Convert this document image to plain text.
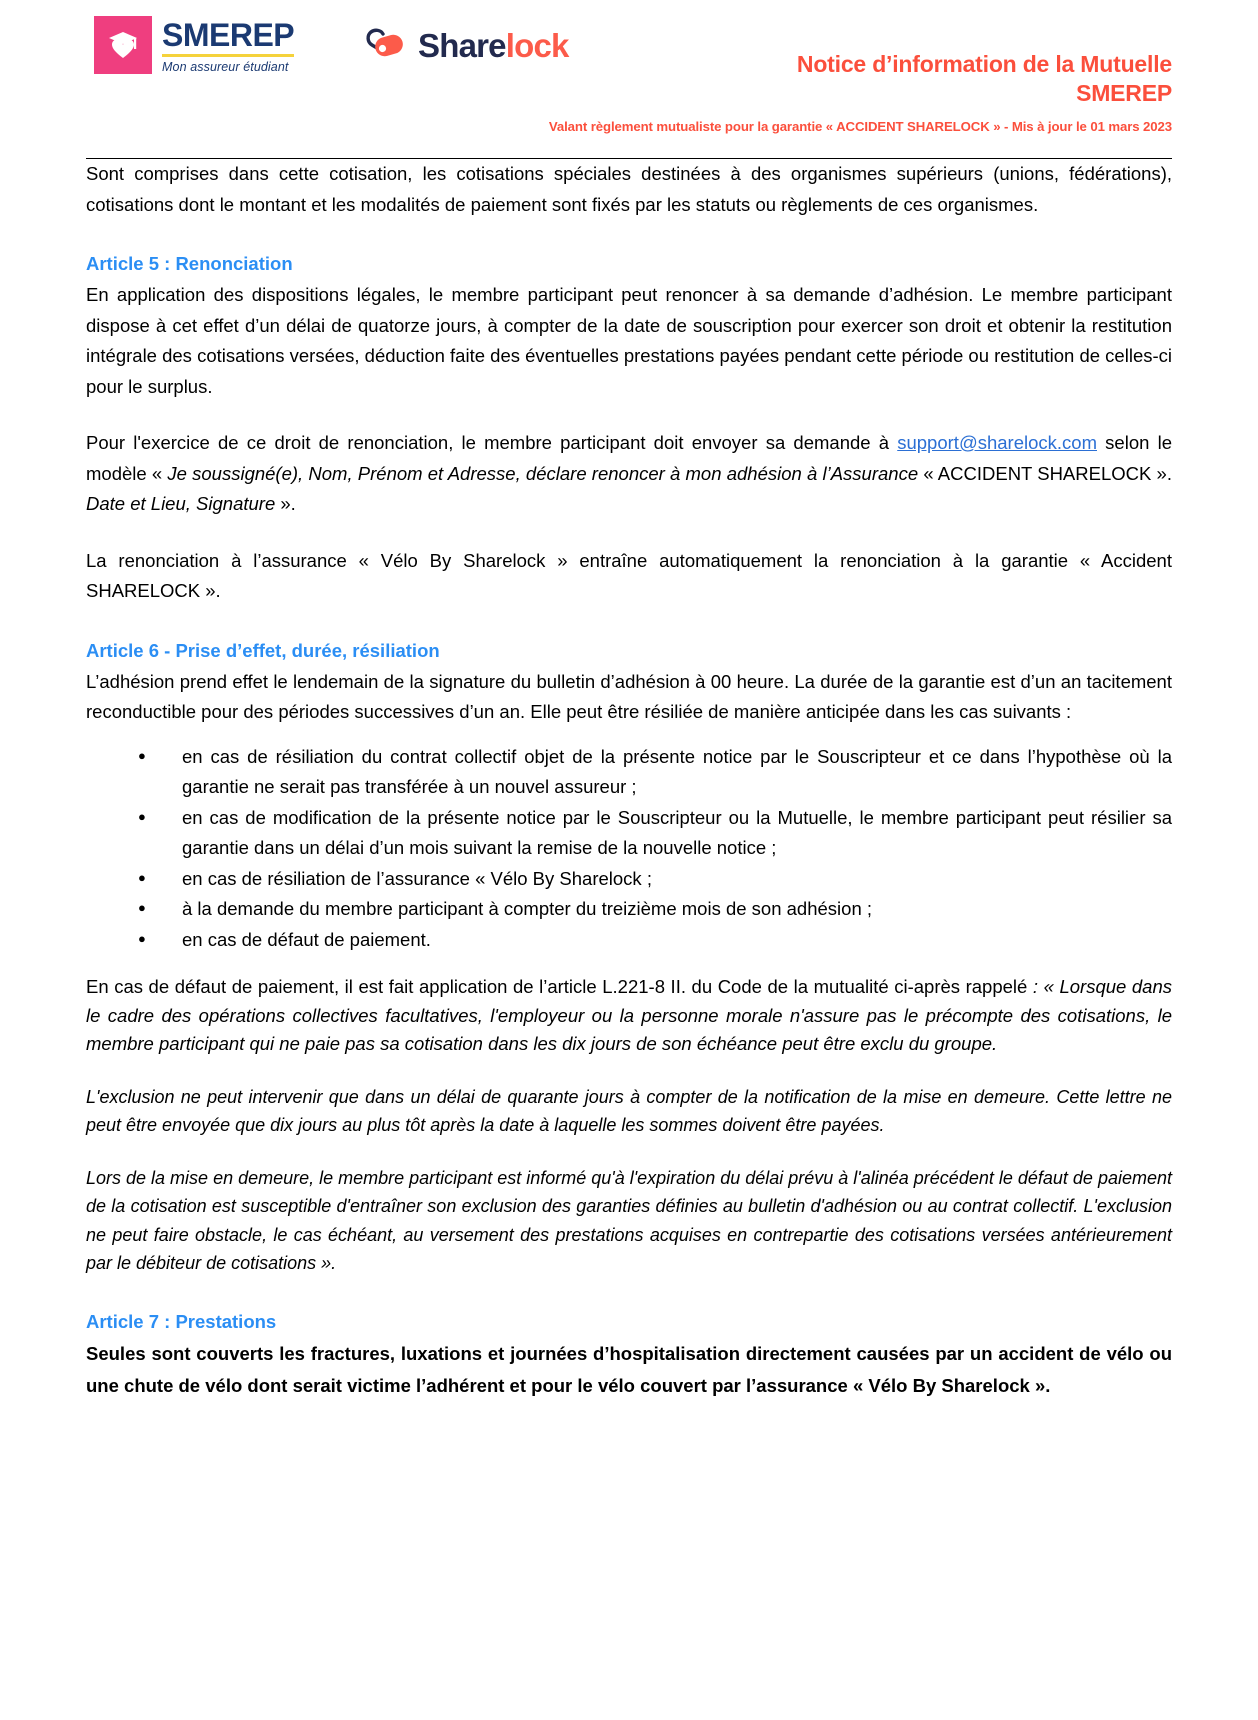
SMEREP
Mon assureur étudiant
Sharelock	Notice d’information de la Mutuelle
SMEREP
Valant règlement mutualiste pour la garantie « ACCIDENT SHARELOCK » - Mis à jour le 01 mars 2023

Sont comprises dans cette cotisation, les cotisations spéciales destinées à des organismes supérieurs (unions, fédérations), cotisations dont le montant et les modalités de paiement sont fixés par les statuts ou règlements de ces organismes.

Article 5 : Renonciation

En application des dispositions légales, le membre participant peut renoncer à sa demande d’adhésion. Le membre participant dispose à cet effet d’un délai de quatorze jours, à compter de la date de souscription pour exercer son droit et obtenir la restitution intégrale des cotisations versées, déduction faite des éventuelles prestations payées pendant cette période ou restitution de celles-ci pour le surplus.

Pour l'exercice de ce droit de renonciation, le membre participant doit envoyer sa demande à support@sharelock.com selon le modèle « Je soussigné(e), Nom, Prénom et Adresse, déclare renoncer à mon adhésion à l’Assurance « ACCIDENT SHARELOCK ». Date et Lieu, Signature ».

La renonciation à l’assurance « Vélo By Sharelock » entraîne automatiquement la renonciation à la garantie « Accident SHARELOCK ».

Article 6 - Prise d’effet, durée, résiliation

L’adhésion prend effet le lendemain de la signature du bulletin d’adhésion à 00 heure. La durée de la garantie est d’un an tacitement reconductible pour des périodes successives d’un an. Elle peut être résiliée de manière anticipée dans les cas suivants :

● en cas de résiliation du contrat collectif objet de la présente notice par le Souscripteur et ce dans l’hypothèse où la garantie ne serait pas transférée à un nouvel assureur ;
● en cas de modification de la présente notice par le Souscripteur ou la Mutuelle, le membre participant peut résilier sa garantie dans un délai d’un mois suivant la remise de la nouvelle notice ;
● en cas de résiliation de l’assurance « Vélo By Sharelock ;
● à la demande du membre participant à compter du treizième mois de son adhésion ;
● en cas de défaut de paiement.

En cas de défaut de paiement, il est fait application de l’article L.221-8 II. du Code de la mutualité ci-après rappelé : « Lorsque dans le cadre des opérations collectives facultatives, l'employeur ou la personne morale n'assure pas le précompte des cotisations, le membre participant qui ne paie pas sa cotisation dans les dix jours de son échéance peut être exclu du groupe.

L'exclusion ne peut intervenir que dans un délai de quarante jours à compter de la notification de la mise en demeure. Cette lettre ne peut être envoyée que dix jours au plus tôt après la date à laquelle les sommes doivent être payées.

Lors de la mise en demeure, le membre participant est informé qu'à l'expiration du délai prévu à l'alinéa précédent le défaut de paiement de la cotisation est susceptible d'entraîner son exclusion des garanties définies au bulletin d'adhésion ou au contrat collectif. L'exclusion ne peut faire obstacle, le cas échéant, au versement des prestations acquises en contrepartie des cotisations versées antérieurement par le débiteur de cotisations ».

Article 7 : Prestations

Seules sont couverts les fractures, luxations et journées d’hospitalisation directement causées par un accident de vélo ou une chute de vélo dont serait victime l’adhérent et pour le vélo couvert par l’assurance « Vélo By Sharelock ».
